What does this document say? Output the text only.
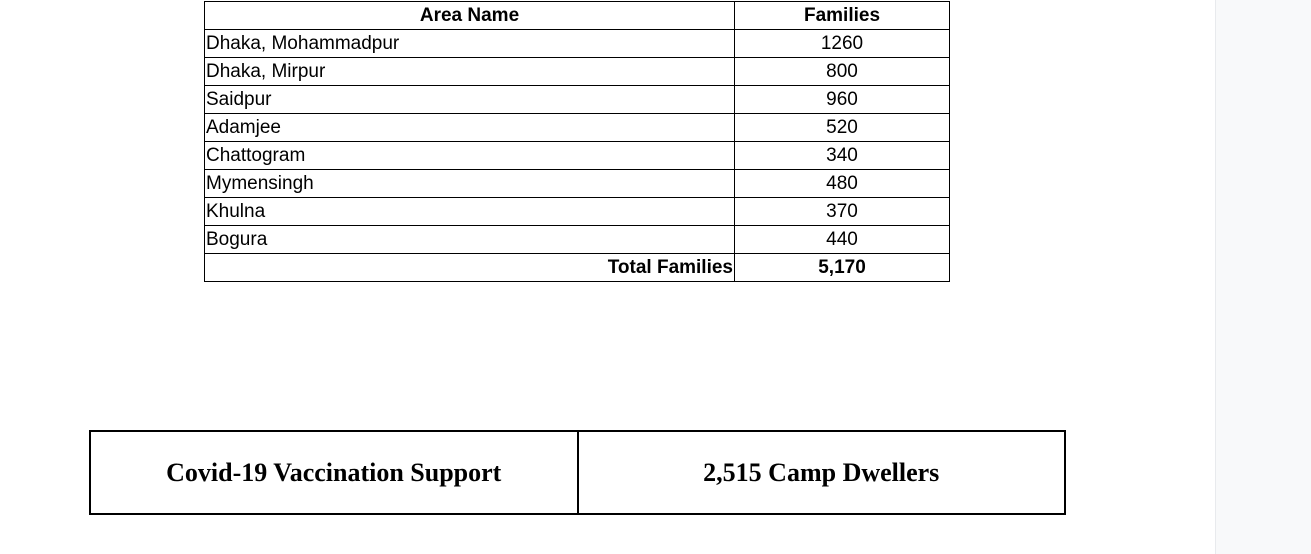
Area Name	Families
Dhaka, Mohammadpur	1260
Dhaka, Mirpur	800
Saidpur	960
Adamjee	520
Chattogram	340
Mymensingh	480
Khulna	370
Bogura	440
Total Families	5,170
Covid-19 Vaccination Support	2,515 Camp Dwellers
